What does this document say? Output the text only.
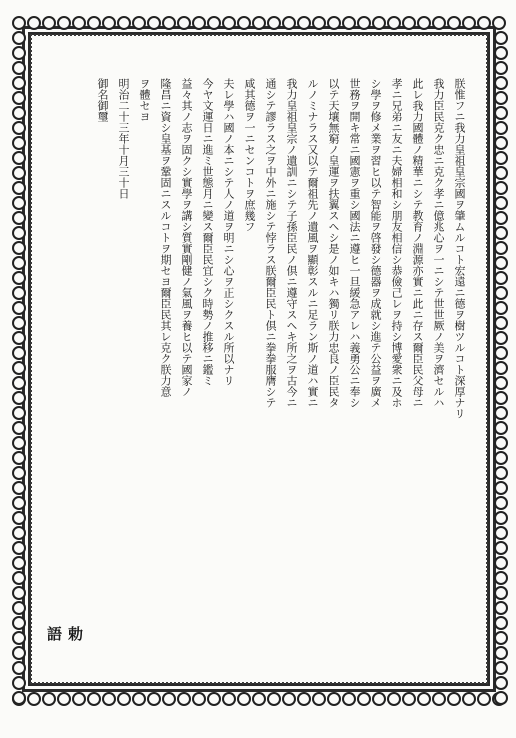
勅語
朕惟フニ我力皇祖皇宗國ヲ肇ムルコト宏遠ニ德ヲ樹ツルコト深厚ナリ
我力臣民克ク忠ニ克ク孝ニ億兆心ヲ一ニシテ世世厥ノ美ヲ濟セルハ
此レ我力國體ノ精華ニシテ教育ノ淵源亦實ニ此ニ存ス爾臣民父母ニ
孝ニ兄弟ニ友ニ夫婦相和シ朋友相信シ恭儉己レヲ持シ博愛衆ニ及ホ
シ學ヲ修メ業ヲ習ヒ以テ智能ヲ啓發シ德器ヲ成就シ進テ公益ヲ廣メ
世務ヲ開キ常ニ國憲ヲ重シ國法ニ遵ヒ一旦緩急アレハ義勇公ニ奉シ
以テ天壤無窮ノ皇運ヲ扶翼スヘシ是ノ如キハ獨リ朕力忠良ノ臣民タ
ルノミナラス又以テ爾祖先ノ遺風ヲ顯彰スルニ足ラン斯ノ道ハ實ニ
我力皇祖皇宗ノ遺訓ニシテ子孫臣民ノ倶ニ遵守スヘキ所之ヲ古今ニ
通シテ謬ラス之ヲ中外ニ施シテ悖ラス朕爾臣民ト倶ニ拳拳服膺シテ
咸其德ヲ一ニセンコトヲ庶幾フ
夫レ學ハ國ノ本ニシテ人ノ道ヲ明ニシ心ヲ正シクスル所以ナリ
今ヤ文運日ニ進ミ世態月ニ變ス爾臣民宜シク時勢ノ推移ニ鑑ミ
益々其ノ志ヲ固クシ實學ヲ講シ質實剛健ノ氣風ヲ養ヒ以テ國家ノ
隆昌ニ資シ皇基ヲ鞏固ニスルコトヲ期セヨ爾臣民其レ克ク朕力意
ヲ體セヨ
明治二十三年十月三十日
御名御璽
